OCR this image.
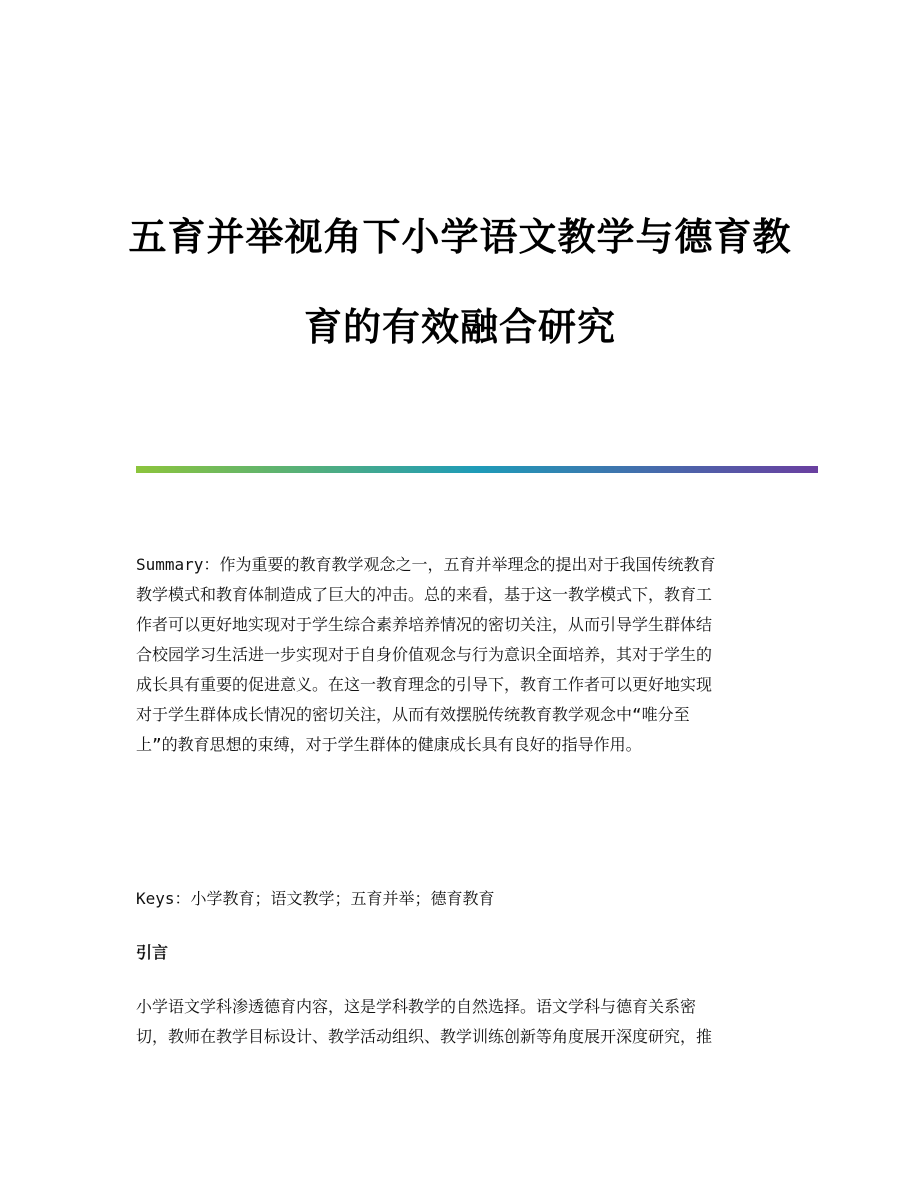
五育并举视角下小学语文教学与德育教
育的有效融合研究
Summary：作为重要的教育教学观念之一，五育并举理念的提出对于我国传统教育
教学模式和教育体制造成了巨大的冲击。总的来看，基于这一教学模式下，教育工
作者可以更好地实现对于学生综合素养培养情况的密切关注，从而引导学生群体结
合校园学习生活进一步实现对于自身价值观念与行为意识全面培养，其对于学生的
成长具有重要的促进意义。在这一教育理念的引导下，教育工作者可以更好地实现
对于学生群体成长情况的密切关注，从而有效摆脱传统教育教学观念中“唯分至
上”的教育思想的束缚，对于学生群体的健康成长具有良好的指导作用。
Keys：小学教育；语文教学；五育并举；德育教育
引言
小学语文学科渗透德育内容，这是学科教学的自然选择。语文学科与德育关系密
切，教师在教学目标设计、教学活动组织、教学训练创新等角度展开深度研究，推
